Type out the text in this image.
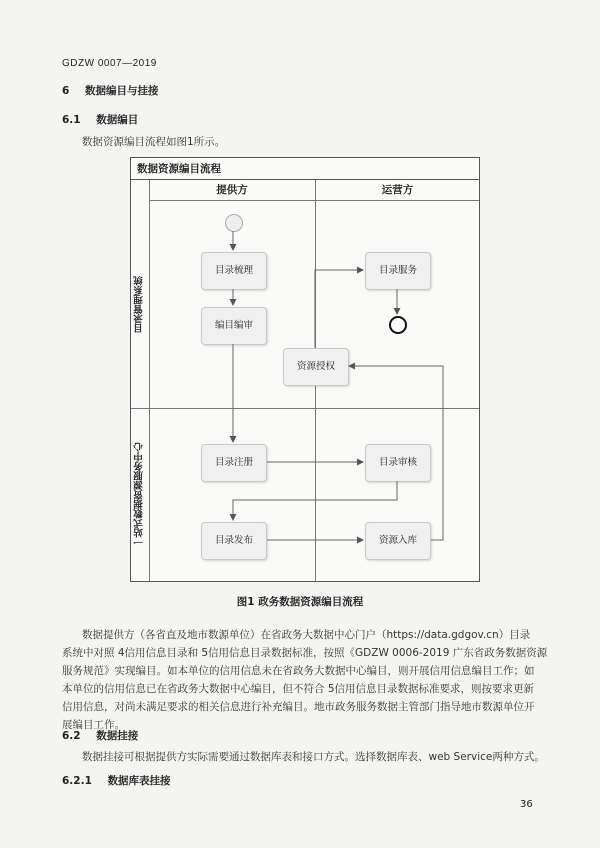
GDZW 0007—2019
6 数据编目与挂接
6.1 数据编目
数据资源编目流程如图1所示。
数据资源编目流程
提供方	运营方
目录管理系统
一站式数据资源服务中心
目录梳理
编目编审
资源授权
目录服务
目录注册	目录审核
目录发布	资源入库
图1 政务数据资源编目流程
数据提供方（各省直及地市数源单位）在省政务大数据中心门户（https://data.gdgov.cn）目录
系统中对照 4信用信息目录和 5信用信息目录数据标准，按照《GDZW 0006-2019 广东省政务数据资源
服务规范》实现编目。如本单位的信用信息未在省政务大数据中心编目，则开展信用信息编目工作；如
本单位的信用信息已在省政务大数据中心编目，但不符合 5信用信息目录数据标准要求，则按要求更新
信用信息，对尚未满足要求的相关信息进行补充编目。地市政务服务数据主管部门指导地市数源单位开
展编目工作。
6.2 数据挂接
数据挂接可根据提供方实际需要通过数据库表和接口方式。选择数据库表、web Service两种方式。
6.2.1 数据库表挂接
36
